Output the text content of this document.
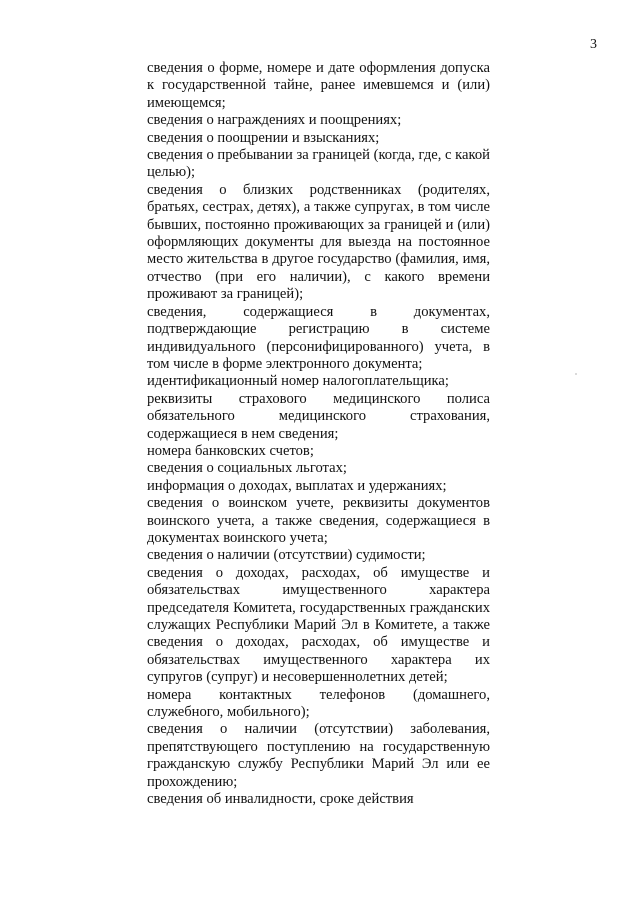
3

сведения о форме, номере и дате оформления допуска к государственной тайне, ранее имевшемся и (или) имеющемся;

сведения о награждениях и поощрениях;

сведения о поощрении и взысканиях;

сведения о пребывании за границей (когда, где, с какой целью);

сведения о близких родственниках (родителях, братьях, сестрах, детях), а также супругах, в том числе бывших, постоянно проживающих за границей и (или) оформляющих документы для выезда на постоянное место жительства в другое государство (фамилия, имя, отчество (при его наличии), с какого времени проживают за границей);

сведения, содержащиеся в документах, подтверждающие регистрацию в системе индивидуального (персонифицированного) учета, в том числе в форме электронного документа;

идентификационный номер налогоплательщика;

реквизиты страхового медицинского полиса обязательного медицинского страхования, содержащиеся в нем сведения;

номера банковских счетов;

сведения о социальных льготах;

информация о доходах, выплатах и удержаниях;

сведения о воинском учете, реквизиты документов воинского учета, а также сведения, содержащиеся в документах воинского учета;

сведения о наличии (отсутствии) судимости;

сведения о доходах, расходах, об имуществе и обязательствах имущественного характера председателя Комитета, государственных гражданских служащих Республики Марий Эл в Комитете, а также сведения о доходах, расходах, об имуществе и обязательствах имущественного характера их супругов (супруг) и несовершеннолетних детей;

номера контактных телефонов (домашнего, служебного, мобильного);

сведения о наличии (отсутствии) заболевания, препятствующего поступлению на государственную гражданскую службу Республики Марий Эл или ее прохождению;

сведения об инвалидности, сроке действия
